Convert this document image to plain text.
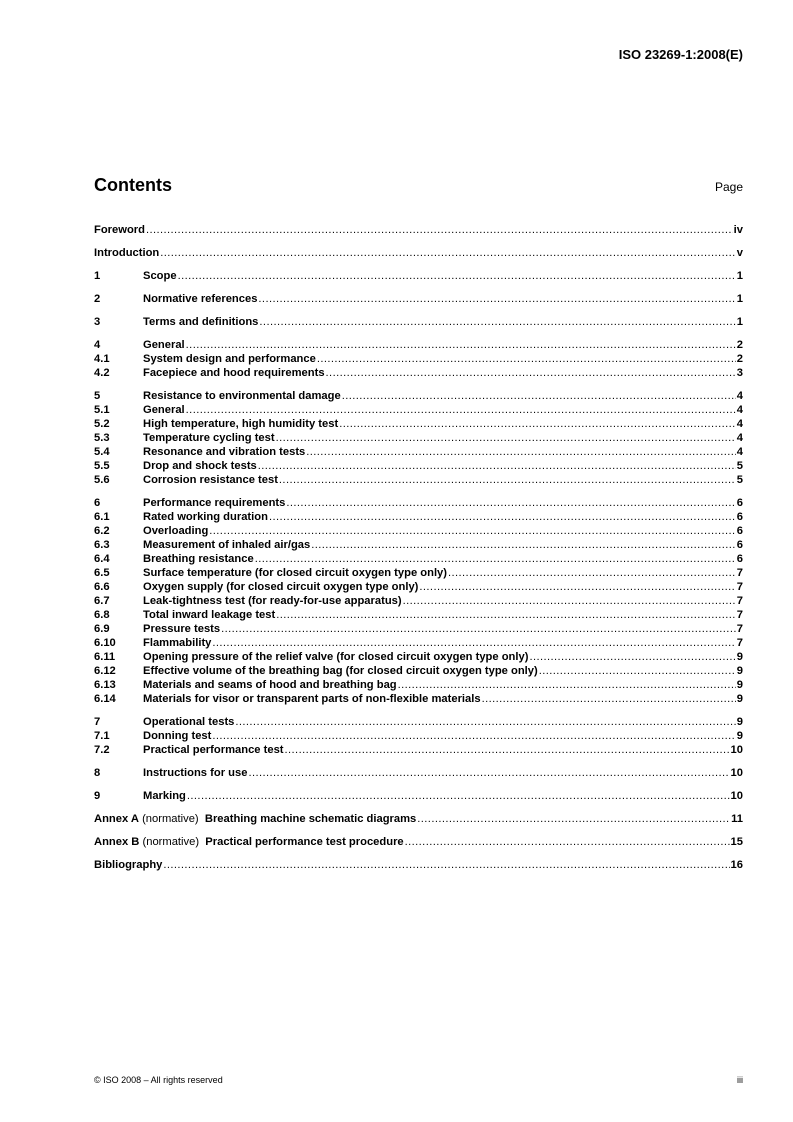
ISO 23269-1:2008(E)
Contents	Page
Foreword .....	iv
Introduction .....	v
1	Scope .....	1
2	Normative references .....	1
3	Terms and definitions .....	1
4	General .....	2
4.1	System design and performance .....	2
4.2	Facepiece and hood requirements .....	3
5	Resistance to environmental damage .....	4
5.1	General .....	4
5.2	High temperature, high humidity test .....	4
5.3	Temperature cycling test .....	4
5.4	Resonance and vibration tests .....	4
5.5	Drop and shock tests .....	5
5.6	Corrosion resistance test .....	5
6	Performance requirements .....	6
6.1	Rated working duration .....	6
6.2	Overloading .....	6
6.3	Measurement of inhaled air/gas .....	6
6.4	Breathing resistance .....	6
6.5	Surface temperature (for closed circuit oxygen type only) .....	7
6.6	Oxygen supply (for closed circuit oxygen type only) .....	7
6.7	Leak-tightness test (for ready-for-use apparatus) .....	7
6.8	Total inward leakage test .....	7
6.9	Pressure tests .....	7
6.10	Flammability .....	7
6.11	Opening pressure of the relief valve (for closed circuit oxygen type only) .....	9
6.12	Effective volume of the breathing bag (for closed circuit oxygen type only) .....	9
6.13	Materials and seams of hood and breathing bag .....	9
6.14	Materials for visor or transparent parts of non-flexible materials .....	9
7	Operational tests .....	9
7.1	Donning test .....	9
7.2	Practical performance test .....	10
8	Instructions for use .....	10
9	Marking .....	10
Annex A (normative)  Breathing machine schematic diagrams .....	11
Annex B (normative)  Practical performance test procedure .....	15
Bibliography .....	16
© ISO 2008 – All rights reserved	iii
